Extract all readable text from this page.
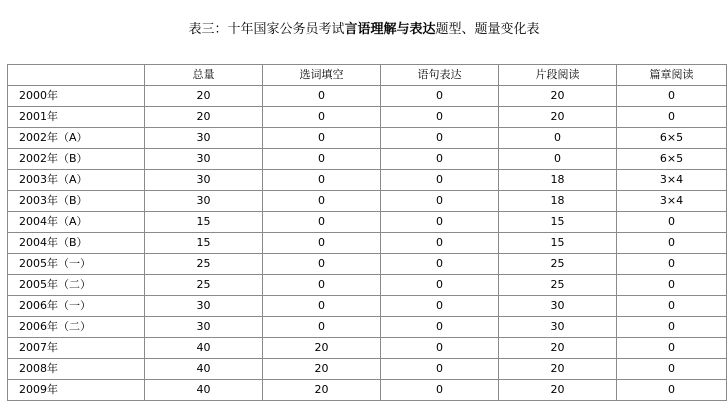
表三：十年国家公务员考试言语理解与表达题型、题量变化表
	总量	选词填空	语句表达	片段阅读	篇章阅读
2000年	20	0	0	20	0
2001年	20	0	0	20	0
2002年（A）	30	0	0	0	6×5
2002年（B）	30	0	0	0	6×5
2003年（A）	30	0	0	18	3×4
2003年（B）	30	0	0	18	3×4
2004年（A）	15	0	0	15	0
2004年（B）	15	0	0	15	0
2005年（一）	25	0	0	25	0
2005年（二）	25	0	0	25	0
2006年（一）	30	0	0	30	0
2006年（二）	30	0	0	30	0
2007年	40	20	0	20	0
2008年	40	20	0	20	0
2009年	40	20	0	20	0
